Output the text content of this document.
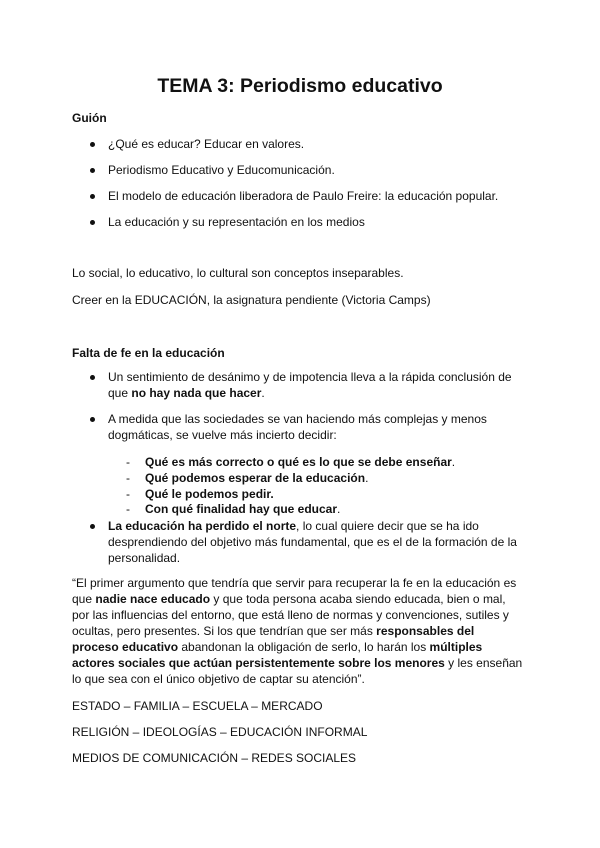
TEMA 3: Periodismo educativo
Guión
¿Qué es educar? Educar en valores.
Periodismo Educativo y Educomunicación.
El modelo de educación liberadora de Paulo Freire: la educación popular.
La educación y su representación en los medios
Lo social, lo educativo, lo cultural son conceptos inseparables.
Creer en la EDUCACIÓN, la asignatura pendiente (Victoria Camps)
Falta de fe en la educación
Un sentimiento de desánimo y de impotencia lleva a la rápida conclusión de
que no hay nada que hacer.
A medida que las sociedades se van haciendo más complejas y menos
dogmáticas, se vuelve más incierto decidir:
- Qué es más correcto o qué es lo que se debe enseñar.
- Qué podemos esperar de la educación.
- Qué le podemos pedir.
- Con qué finalidad hay que educar.
La educación ha perdido el norte, lo cual quiere decir que se ha ido
desprendiendo del objetivo más fundamental, que es el de la formación de la
personalidad.
“El primer argumento que tendría que servir para recuperar la fe en la educación es
que nadie nace educado y que toda persona acaba siendo educada, bien o mal,
por las influencias del entorno, que está lleno de normas y convenciones, sutiles y
ocultas, pero presentes. Si los que tendrían que ser más responsables del
proceso educativo abandonan la obligación de serlo, lo harán los múltiples
actores sociales que actúan persistentemente sobre los menores y les enseñan
lo que sea con el único objetivo de captar su atención”.
ESTADO – FAMILIA – ESCUELA – MERCADO
RELIGIÓN – IDEOLOGÍAS – EDUCACIÓN INFORMAL
MEDIOS DE COMUNICACIÓN – REDES SOCIALES
